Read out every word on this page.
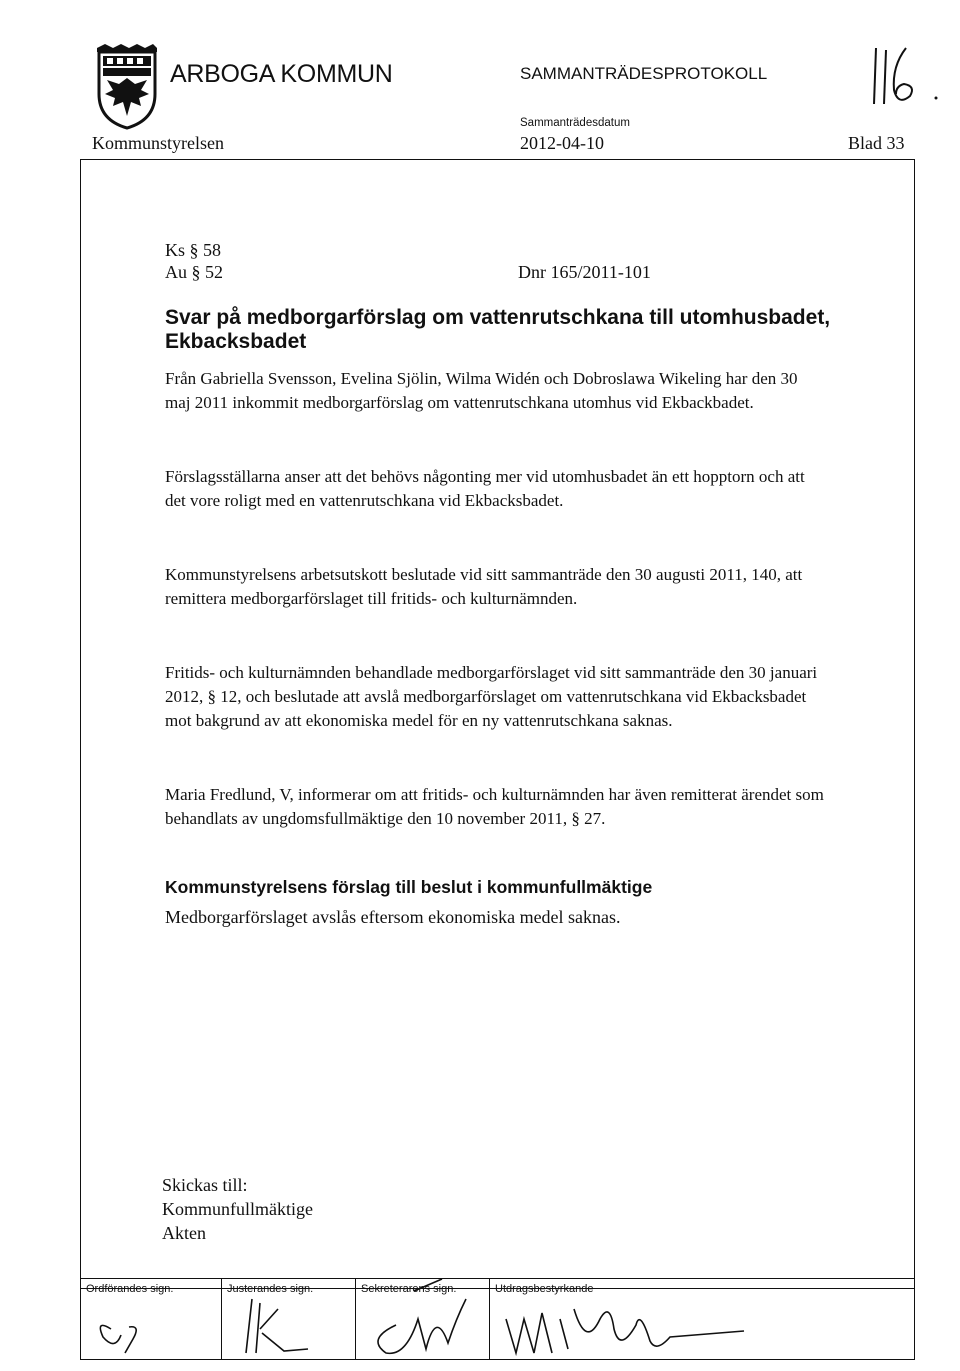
ARBOGA KOMMUN	SAMMANTRÄDESPROTOKOLL
Sammanträdesdatum
Kommunstyrelsen	2012-04-10	Blad 33
Ks § 58
Au § 52	Dnr 165/2011-101
Svar på medborgarförslag om vattenrutschkana till utomhusbadet, Ekbacksbadet
Från Gabriella Svensson, Evelina Sjölin, Wilma Widén och Dobroslawa Wikeling har den 30 maj 2011 inkommit medborgarförslag om vattenrutschkana utomhus vid Ekbackbadet.
Förslagsställarna anser att det behövs någonting mer vid utomhusbadet än ett hopptorn och att det vore roligt med en vattenrutschkana vid Ekbacksbadet.
Kommunstyrelsens arbetsutskott beslutade vid sitt sammanträde den 30 augusti 2011, 140, att remittera medborgarförslaget till fritids- och kulturnämnden.
Fritids- och kulturnämnden behandlade medborgarförslaget vid sitt sammanträde den 30 januari 2012, § 12, och beslutade att avslå medborgarförslaget om vattenrutschkana vid Ekbacksbadet mot bakgrund av att ekonomiska medel för en ny vattenrutschkana saknas.
Maria Fredlund, V, informerar om att fritids- och kulturnämnden har även remitterat ärendet som behandlats av ungdomsfullmäktige den 10 november 2011, § 27.
Kommunstyrelsens förslag till beslut i kommunfullmäktige
Medborgarförslaget avslås eftersom ekonomiska medel saknas.
Skickas till:
Kommunfullmäktige
Akten
Ordförandes sign.	Justerandes sign.	Sekreterarens sign.	Utdragsbestyrkande
